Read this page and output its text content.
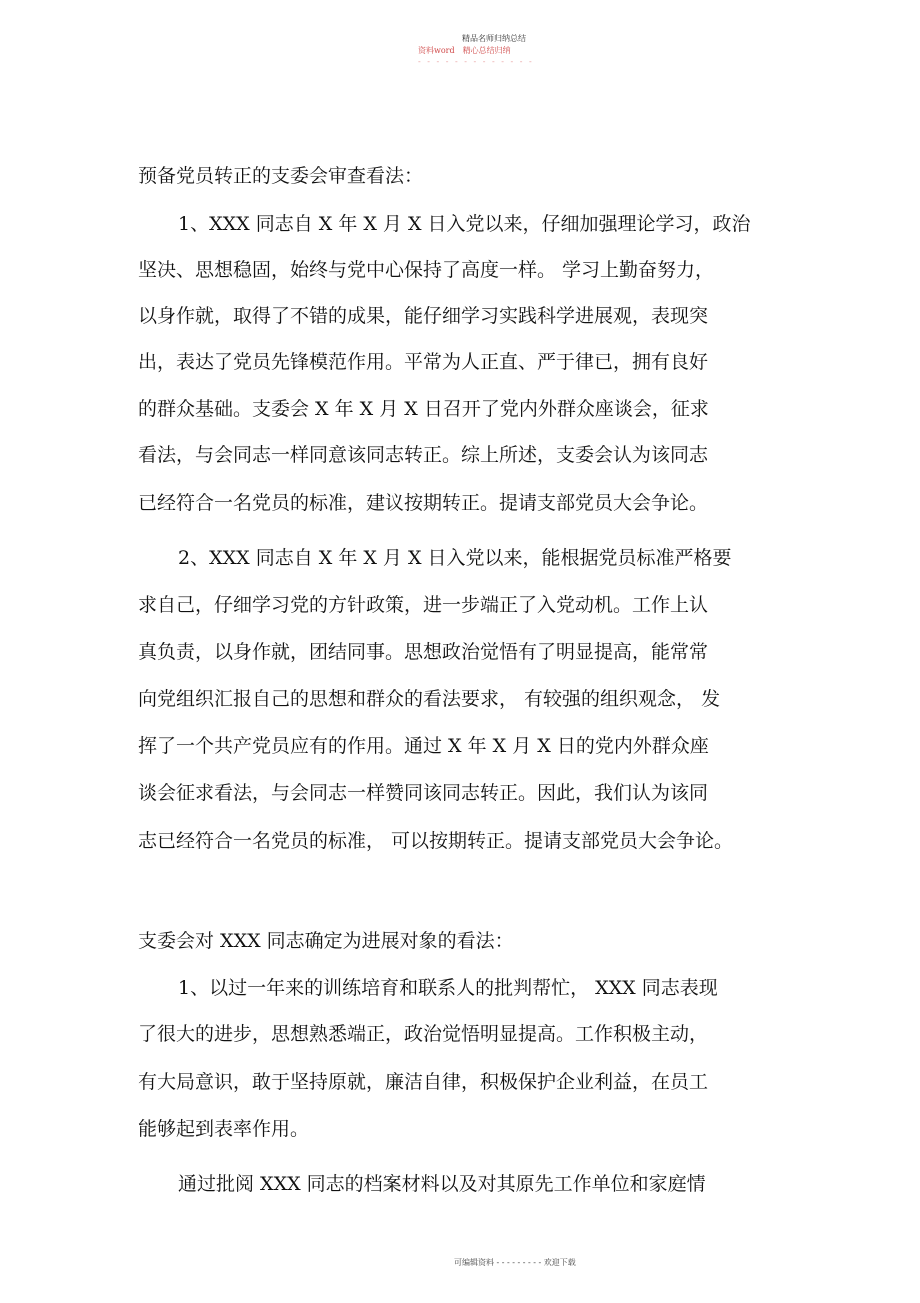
精品名师归纳总结
资料word 精心总结归纳
- - - - - - - - - - - - -
预备党员转正的支委会审查看法：
1、XXX 同志自 X 年 X 月 X 日入党以来，仔细加强理论学习，政治
坚决、思想稳固，始终与党中心保持了高度一样。 学习上勤奋努力，
以身作就，取得了不错的成果，能仔细学习实践科学进展观，表现突
出，表达了党员先锋模范作用。平常为人正直、严于律已，拥有良好
的群众基础。支委会 X 年 X 月 X 日召开了党内外群众座谈会，征求
看法，与会同志一样同意该同志转正。综上所述，支委会认为该同志
已经符合一名党员的标准，建议按期转正。提请支部党员大会争论。
2、XXX 同志自 X 年 X 月 X 日入党以来，能根据党员标准严格要
求自己，仔细学习党的方针政策，进一步端正了入党动机。工作上认
真负责，以身作就，团结同事。思想政治觉悟有了明显提高，能常常
向党组织汇报自己的思想和群众的看法要求， 有较强的组织观念， 发
挥了一个共产党员应有的作用。通过 X 年 X 月 X 日的党内外群众座
谈会征求看法，与会同志一样赞同该同志转正。因此，我们认为该同
志已经符合一名党员的标准， 可以按期转正。提请支部党员大会争论。
支委会对 XXX 同志确定为进展对象的看法：
1、以过一年来的训练培育和联系人的批判帮忙， XXX 同志表现
了很大的进步，思想熟悉端正，政治觉悟明显提高。工作积极主动，
有大局意识，敢于坚持原就，廉洁自律，积极保护企业利益，在员工
能够起到表率作用。
通过批阅 XXX 同志的档案材料以及对其原先工作单位和家庭情
可编辑资料 - - - - - - - - - 欢迎下载
